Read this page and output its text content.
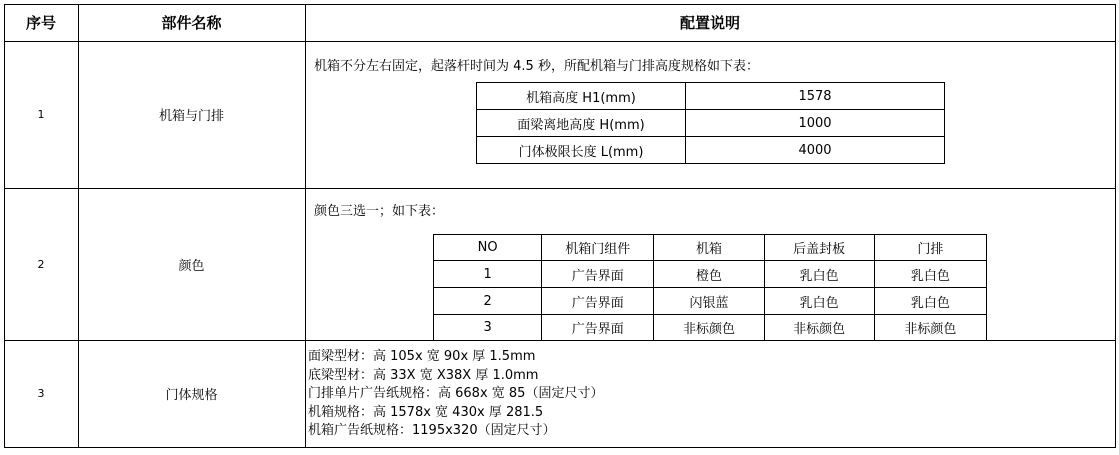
序号	部件名称	配置说明
1	机箱与门排
机箱不分左右固定，起落杆时间为 4.5 秒，所配机箱与门排高度规格如下表：
机箱高度 H1(mm)	1578
面梁离地高度 H(mm)	1000
门体极限长度 L(mm)	4000
2	颜色
颜色三选一；如下表：
NO	机箱门组件	机箱	后盖封板	门排
1	广告界面	橙色	乳白色	乳白色
2	广告界面	闪银蓝	乳白色	乳白色
3	广告界面	非标颜色	非标颜色	非标颜色
3	门体规格
面梁型材：高 105x 宽 90x 厚 1.5mm
底梁型材：高 33X 宽 X38X 厚 1.0mm
门排单片广告纸规格：高 668x 宽 85（固定尺寸）
机箱规格：高 1578x 宽 430x 厚 281.5
机箱广告纸规格：1195x320（固定尺寸）
